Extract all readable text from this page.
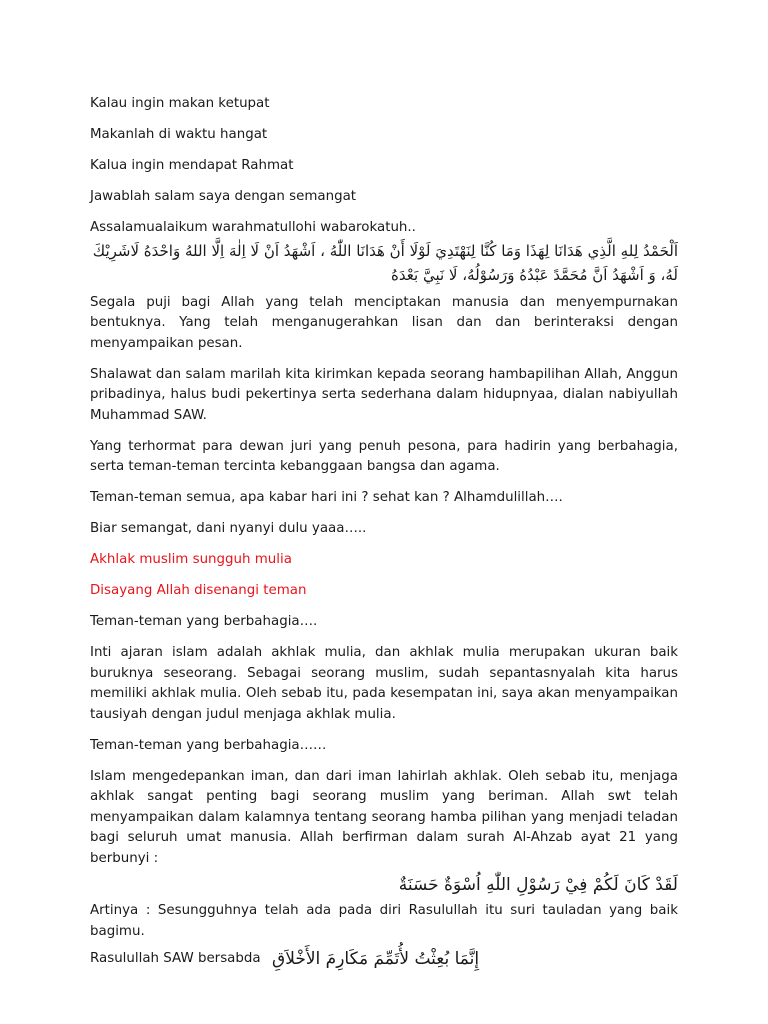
Kalau ingin makan ketupat

Makanlah di waktu hangat

Kalua ingin mendapat Rahmat

Jawablah salam saya dengan semangat

Assalamualaikum warahmatullohi wabarokatuh..

اَلْحَمْدُ لِلهِ الَّذِي هَدَانَا لِهَذَا وَمَا كُنَّا لِنَهْتَدِيَ لَوْلَا أَنْ هَدَانَا اللّٰهُ ، اَشْهَدُ اَنْ لَا اِلٰهَ اِلَّا اللهُ وَاحْدَهُ لَاشَرِيْكَ لَهُ، وَ اَشْهَدُ اَنَّ مُحَمَّدً عَبْدُهُ وَرَسُوْلُهُ، لَا نَبِيَّ بَعْدَهُ

Segala puji bagi Allah yang telah menciptakan manusia dan menyempurnakan bentuknya. Yang telah menganugerahkan lisan dan dan berinteraksi dengan menyampaikan pesan.

Shalawat dan salam marilah kita kirimkan kepada seorang hambapilihan Allah, Anggun pribadinya, halus budi pekertinya serta sederhana dalam hidupnyaa, dialan nabiyullah Muhammad SAW.

Yang terhormat para dewan juri yang penuh pesona, para hadirin yang berbahagia, serta teman-teman tercinta kebanggaan bangsa dan agama.

Teman-teman semua, apa kabar hari ini ? sehat kan ? Alhamdulillah….

Biar semangat, dani nyanyi dulu yaaa…..

Akhlak muslim sungguh mulia

Disayang Allah disenangi teman

Teman-teman yang berbahagia….

Inti ajaran islam adalah akhlak mulia, dan akhlak mulia merupakan ukuran baik buruknya seseorang. Sebagai seorang muslim, sudah sepantasnyalah kita harus memiliki akhlak mulia. Oleh sebab itu, pada kesempatan ini, saya akan menyampaikan tausiyah dengan judul menjaga akhlak mulia.

Teman-teman yang berbahagia……

Islam mengedepankan iman, dan dari iman lahirlah akhlak. Oleh sebab itu, menjaga akhlak sangat penting bagi seorang muslim yang beriman. Allah swt telah menyampaikan dalam kalamnya tentang seorang hamba pilihan yang menjadi teladan bagi seluruh umat manusia. Allah berfirman dalam surah Al-Ahzab ayat 21 yang berbunyi :

لَقَدْ كَانَ لَكُمْ فِيْ رَسُوْلِ اللّٰهِ اُسْوَةٌ حَسَنَةٌ

Artinya : Sesungguhnya telah ada pada diri Rasulullah itu suri tauladan yang baik bagimu.

Rasulullah SAW bersabda إِنَّمَا بُعِثْتُ لأُتَمِّمَ مَكَارِمَ الأَخْلاَقِ
